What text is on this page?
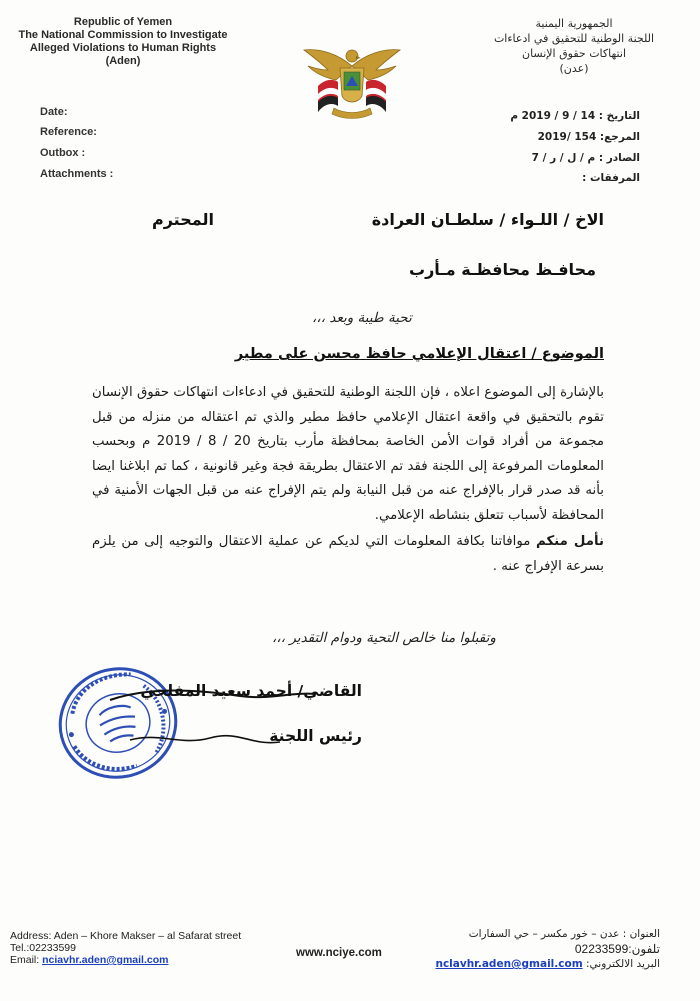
Republic of Yemen
The National Commission to Investigate
Alleged Violations to Human Rights
(Aden)
الجمهورية اليمنية
اللجنة الوطنية للتحقيق في ادعاءات
انتهاكات حقوق الإنسان
(عدن)
Date:
Reference:
Outbox :
Attachments :
التاريخ : 14 / 9 / 2019 م
المرجع: 154 /2019
الصادر : م / ل / ر / 7
المرفقات :
الاخ / اللـواء / سلطـان العرادة
المحترم
محافـظ محافظـة مـأرب
تحية طيبة وبعد ،،،
الموضوع / اعتقال الإعلامي حافظ محسن على مطير

بالإشارة إلى الموضوع اعلاه ، فإن اللجنة الوطنية للتحقيق في ادعاءات انتهاكات حقوق الإنسان تقوم بالتحقيق في واقعة اعتقال الإعلامي حافظ مطير والذي تم اعتقاله من منزله من قبل مجموعة من أفراد قوات الأمن الخاصة بمحافظة مأرب بتاريخ 20 / 8 / 2019 م وبحسب المعلومات المرفوعة إلى اللجنة فقد تم الاعتقال بطريقة فجة وغير قانونية ، كما تم ابلاغنا ايضا بأنه قد صدر قرار بالإفراج عنه من قبل النيابة ولم يتم الإفراج عنه من قبل الجهات الأمنية في المحافظة لأسباب تتعلق بنشاطه الإعلامي.

نأمل منكم موافاتنا بكافة المعلومات التي لديكم عن عملية الاعتقال والتوجيه إلى من يلزم بسرعة الإفراج عنه .

وتقبلوا منا خالص التحية ودوام التقدير ،،،
القاضي/ أحمد سعيد المفلحي
رئيس اللجنة
Address: Aden – Khore Makser – al Safarat street
Tel.:02233599
Email: nciavhr.aden@gmail.com
www.nciye.com
العنوان : عدن – خور مكسر – حي السفارات
تلفون:02233599
البريد الالكتروني: nclavhr.aden@gmail.com
